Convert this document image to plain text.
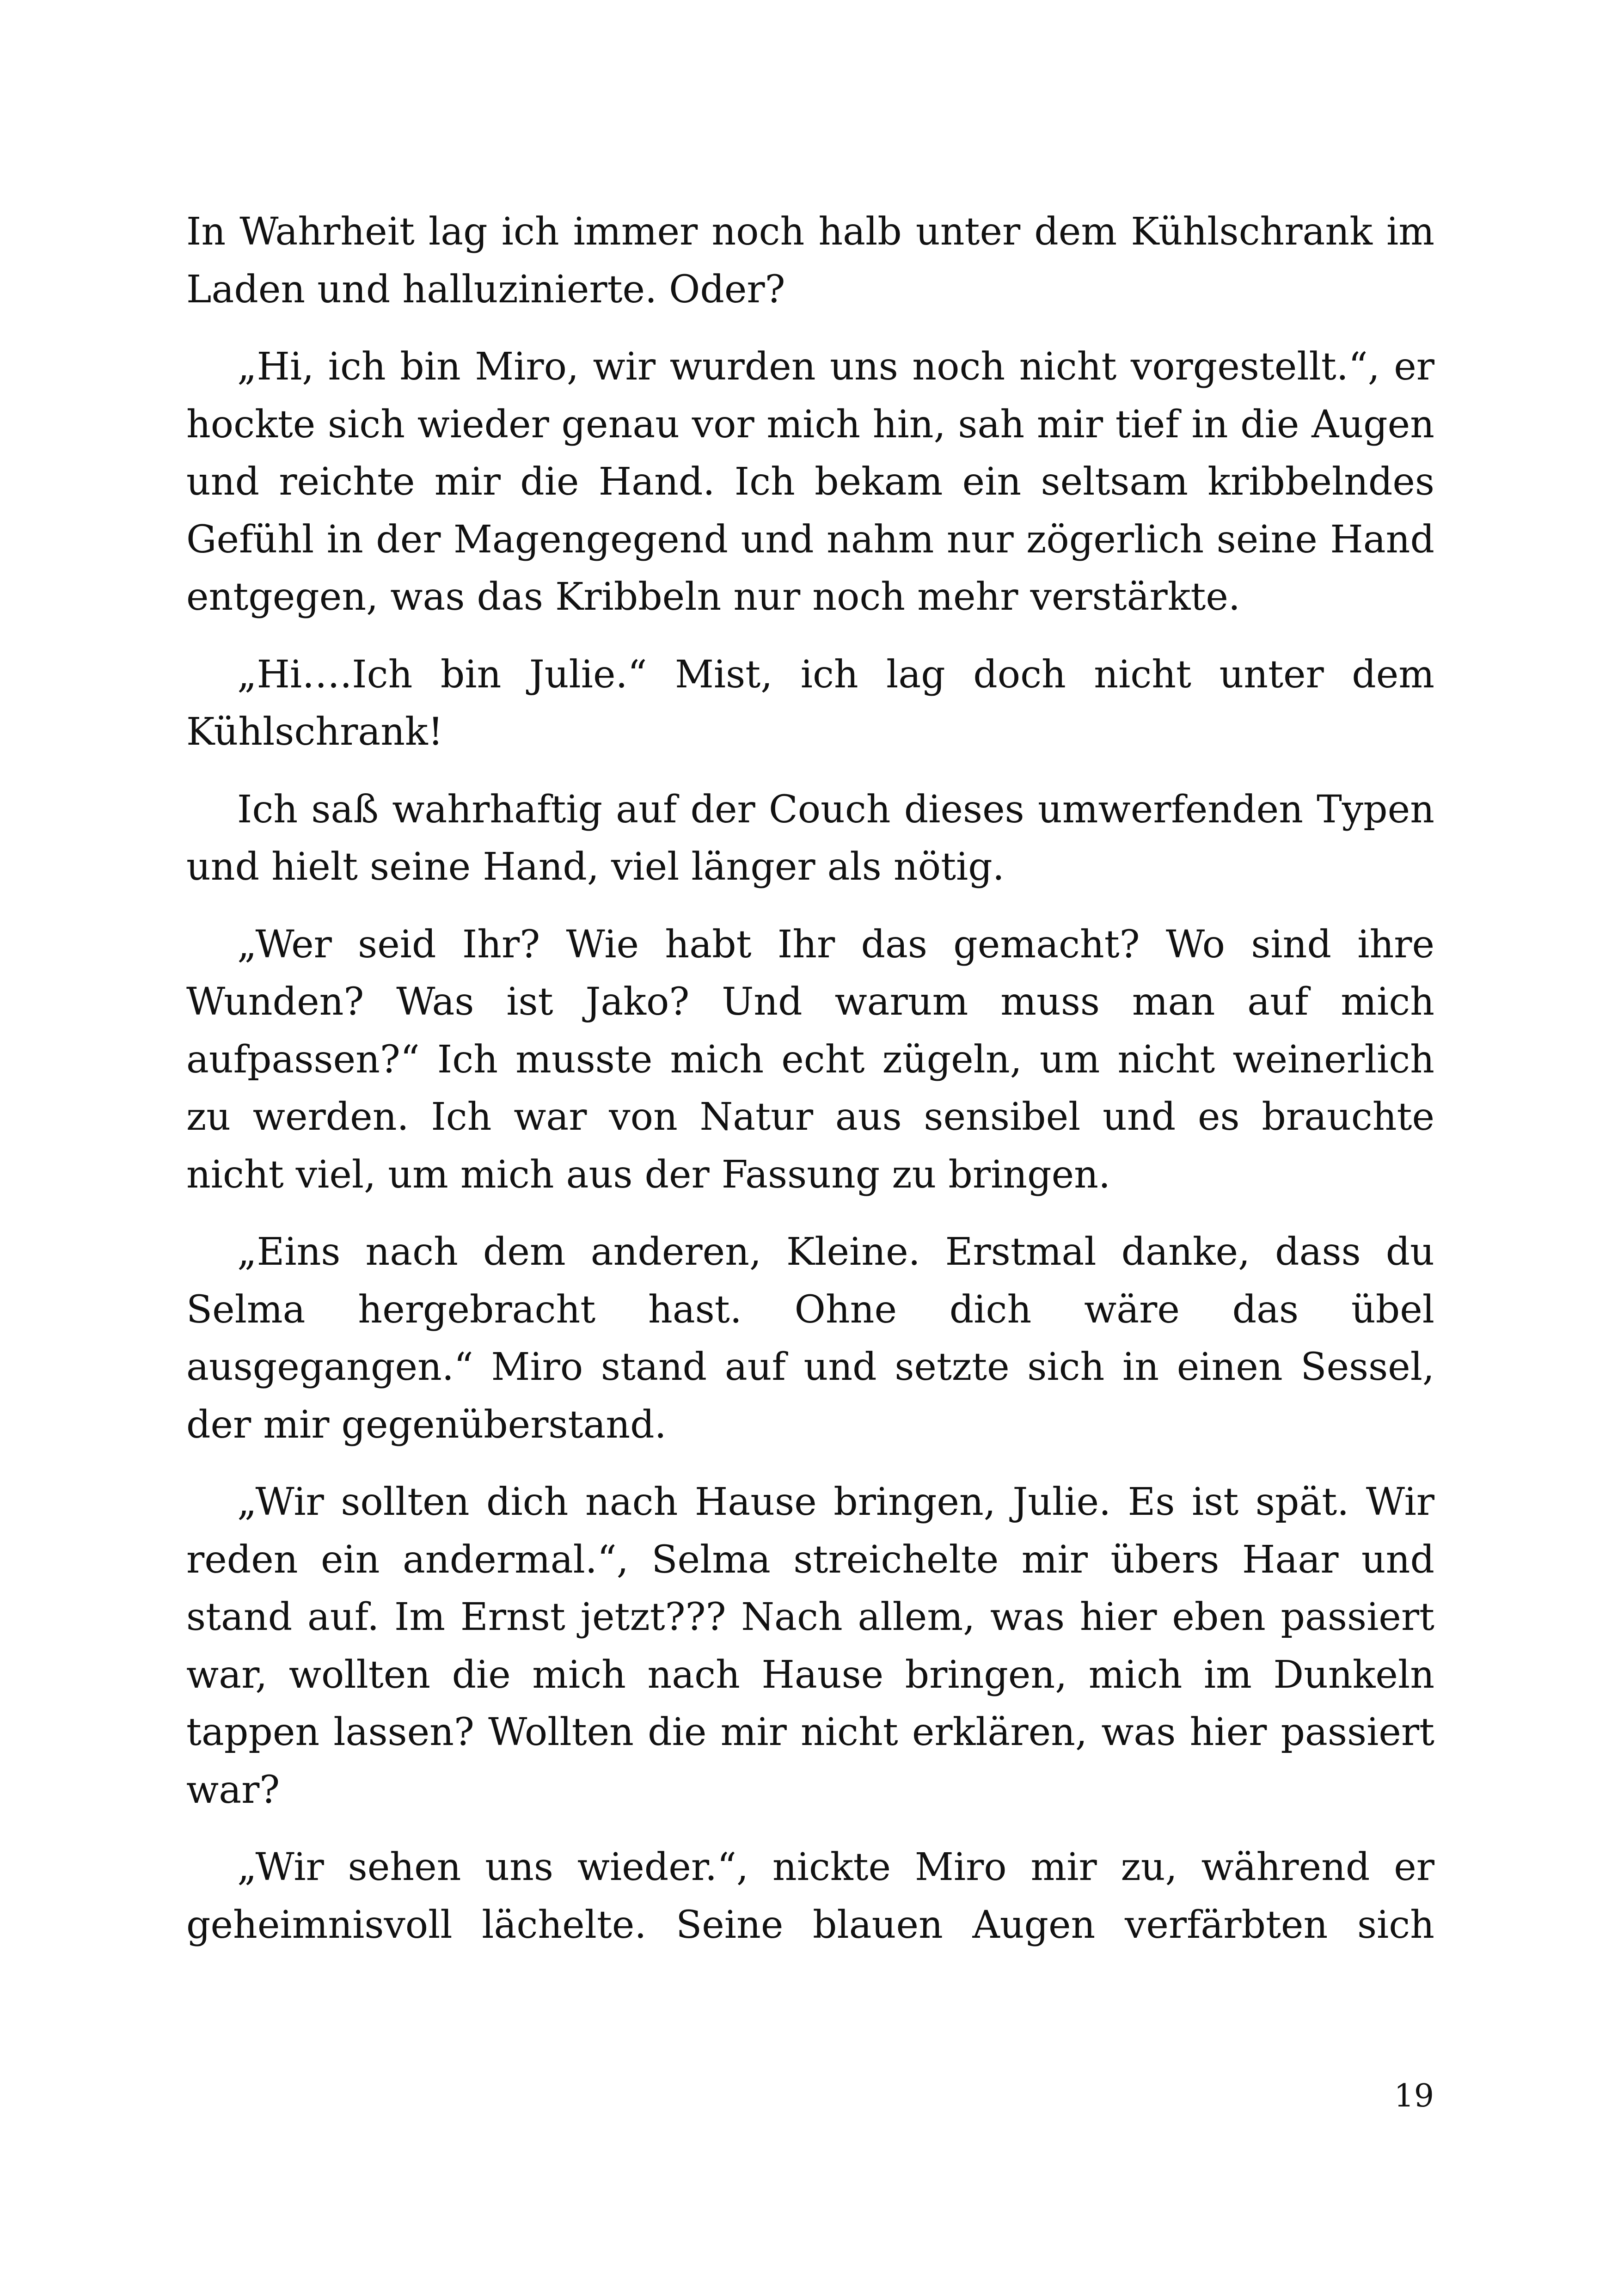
In Wahrheit lag ich immer noch halb unter dem Kühlschrank im Laden und halluzinierte. Oder?

„Hi, ich bin Miro, wir wurden uns noch nicht vorgestellt.“, er hockte sich wieder genau vor mich hin, sah mir tief in die Augen und reichte mir die Hand. Ich bekam ein seltsam kribbelndes Gefühl in der Magengegend und nahm nur zögerlich seine Hand entgegen, was das Kribbeln nur noch mehr verstärkte.

„Hi….Ich bin Julie.“ Mist, ich lag doch nicht unter dem Kühlschrank!

Ich saß wahrhaftig auf der Couch dieses umwerfenden Typen und hielt seine Hand, viel länger als nötig.

„Wer seid Ihr? Wie habt Ihr das gemacht? Wo sind ihre Wunden? Was ist Jako? Und warum muss man auf mich aufpassen?“ Ich musste mich echt zügeln, um nicht weinerlich zu werden. Ich war von Natur aus sensibel und es brauchte nicht viel, um mich aus der Fassung zu bringen.

„Eins nach dem anderen, Kleine. Erstmal danke, dass du Selma hergebracht hast. Ohne dich wäre das übel ausgegangen.“ Miro stand auf und setzte sich in einen Sessel, der mir gegenüberstand.

„Wir sollten dich nach Hause bringen, Julie. Es ist spät. Wir reden ein andermal.“, Selma streichelte mir übers Haar und stand auf. Im Ernst jetzt??? Nach allem, was hier eben passiert war, wollten die mich nach Hause bringen, mich im Dunkeln tappen lassen? Wollten die mir nicht erklären, was hier passiert war?

„Wir sehen uns wieder.“, nickte Miro mir zu, während er geheimnisvoll lächelte. Seine blauen Augen verfärbten sich

19
